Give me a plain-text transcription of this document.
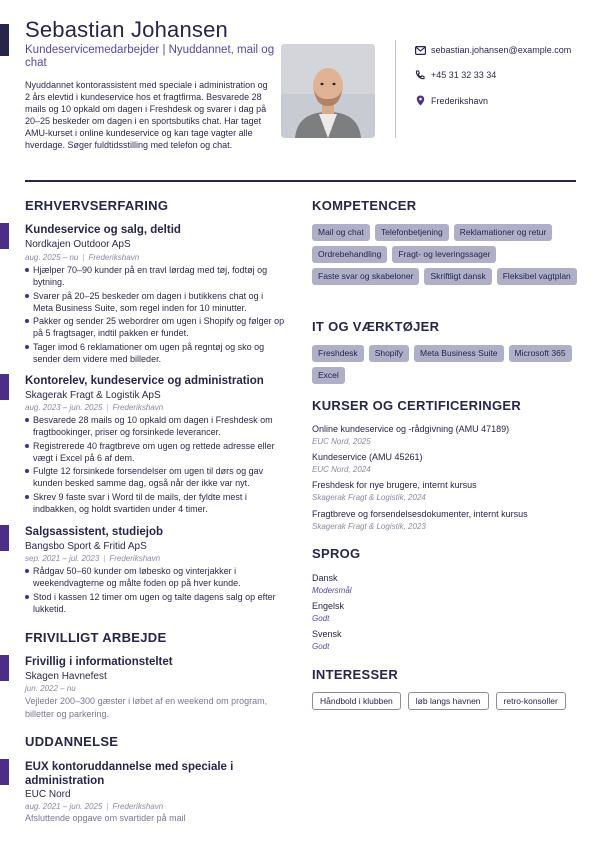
Sebastian Johansen
Kundeservicemedarbejder | Nyuddannet, mail og chat
Nyuddannet kontorassistent med speciale i administration og 2 års elevtid i kundeservice hos et fragtfirma. Besvarede 28 mails og 10 opkald om dagen i Freshdesk og svarer i dag på 20–25 beskeder om dagen i en sportsbutiks chat. Har taget AMU-kurset i online kundeservice og kan tage vagter alle hverdage. Søger fuldtidsstilling med telefon og chat.
sebastian.johansen@example.com
+45 31 32 33 34
Frederikshavn
ERHVERVSERFARING
Kundeservice og salg, deltid
Nordkajen Outdoor ApS
aug. 2025 – nu | Frederikshavn
Hjælper 70–90 kunder på en travl lørdag med tøj, fodtøj og bytning.
Svarer på 20–25 beskeder om dagen i butikkens chat og i Meta Business Suite, som regel inden for 10 minutter.
Pakker og sender 25 webordrer om ugen i Shopify og følger op på 5 fragtsager, indtil pakken er fundet.
Tager imod 6 reklamationer om ugen på regntøj og sko og sender dem videre med billeder.
Kontorelev, kundeservice og administration
Skagerak Fragt & Logistik ApS
aug. 2023 – jun. 2025 | Frederikshavn
Besvarede 28 mails og 10 opkald om dagen i Freshdesk om fragtbookinger, priser og forsinkede leverancer.
Registrerede 40 fragtbreve om ugen og rettede adresse eller vægt i Excel på 6 af dem.
Fulgte 12 forsinkede forsendelser om ugen til dørs og gav kunden besked samme dag, også når der ikke var nyt.
Skrev 9 faste svar i Word til de mails, der fyldte mest i indbakken, og holdt svartiden under 4 timer.
Salgsassistent, studiejob
Bangsbo Sport & Fritid ApS
sep. 2021 – jul. 2023 | Frederikshavn
Rådgav 50–60 kunder om løbesko og vinterjakker i weekendvagterne og målte foden op på hver kunde.
Stod i kassen 12 timer om ugen og talte dagens salg op efter lukketid.
FRIVILLIGT ARBEJDE
Frivillig i informationsteltet
Skagen Havnefest
jun. 2022 – nu
Vejleder 200–300 gæster i løbet af en weekend om program, billetter og parkering.
UDDANNELSE
EUX kontoruddannelse med speciale i administration
EUC Nord
aug. 2021 – jun. 2025 | Frederikshavn
Afsluttende opgave om svartider på mail
KOMPETENCER
Mail og chat	Telefonbetjening	Reklamationer og retur
Ordrebehandling	Fragt- og leveringssager
Faste svar og skabeloner	Skriftligt dansk	Fleksibel vagtplan
IT OG VÆRKTØJER
Freshdesk	Shopify	Meta Business Suite	Microsoft 365
Excel
KURSER OG CERTIFICERINGER
Online kundeservice og -rådgivning (AMU 47189)
EUC Nord, 2025
Kundeservice (AMU 45261)
EUC Nord, 2024
Freshdesk for nye brugere, internt kursus
Skagerak Fragt & Logistik, 2024
Fragtbreve og forsendelsesdokumenter, internt kursus
Skagerak Fragt & Logistik, 2023
SPROG
Dansk
Modersmål
Engelsk
Godt
Svensk
Godt
INTERESSER
Håndbold i klubben	løb langs havnen	retro-konsoller
